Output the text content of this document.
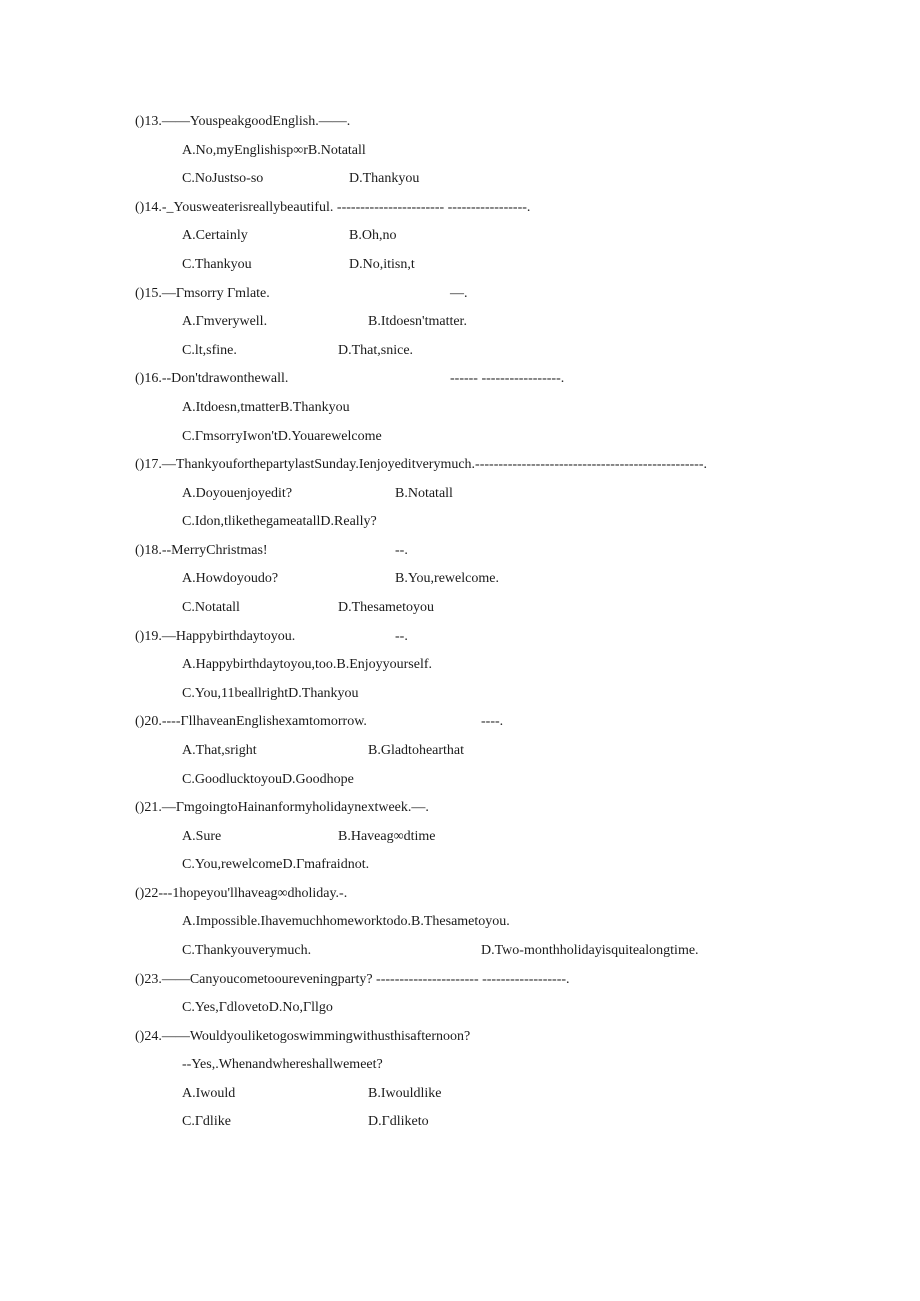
()13.——YouspeakgoodEnglish.——.
A.No,myEnglishisp∞rB.Notatall
C.NoJustso-so	D.Thankyou
()14.-_Yousweaterisreallybeautiful. ----------------------- -----------------.
A.Certainly	B.Oh,no
C.Thankyou	D.No,itisn,t
()15.—Γmsorry Γmlate.	—.
A.Γmverywell.	B.Itdoesn'tmatter.
C.lt,sfine.	D.That,snice.
()16.--Don'tdrawonthewall.	------ -----------------.
A.Itdoesn,tmatterB.Thankyou
C.ΓmsorryIwon'tD.Youarewelcome
()17.—ThankyouforthepartylastSunday.Ienjoyeditverymuch.-------------------------------------------------.
A.Doyouenjoyedit?	B.Notatall
C.Idon,tlikethegameatallD.Really?
()18.--MerryChristmas!	--.
A.Howdoyoudo?	B.You,rewelcome.
C.Notatall	D.Thesametoyou
()19.—Happybirthdaytoyou.	--.
A.Happybirthdaytoyou,too.B.Enjoyyourself.
C.You,11beallrightD.Thankyou
()20.----ΓllhaveanEnglishexamtomorrow.	----.
A.That,sright	B.Gladtohearthat
C.GoodlucktoyouD.Goodhope
()21.—ΓmgoingtoHainanformyholidaynextweek.—.
A.Sure	B.Haveag∞dtime
C.You,rewelcomeD.Γmafraidnot.
()22---1hopeyou'llhaveag∞dholiday.-.
A.Impossible.Ihavemuchhomeworktodo.B.Thesametoyou.
C.Thankyouverymuch.	D.Two-monthholidayisquitealongtime.
()23.——Canyoucometooureveningparty? ---------------------- ------------------.
C.Yes,ΓdlovetoD.No,Γllgo
()24.——Wouldyouliketogoswimmingwithusthisafternoon?
--Yes,.Whenandwhereshallwemeet?
A.Iwould	B.Iwouldlike
C.Γdlike	D.Γdliketo
